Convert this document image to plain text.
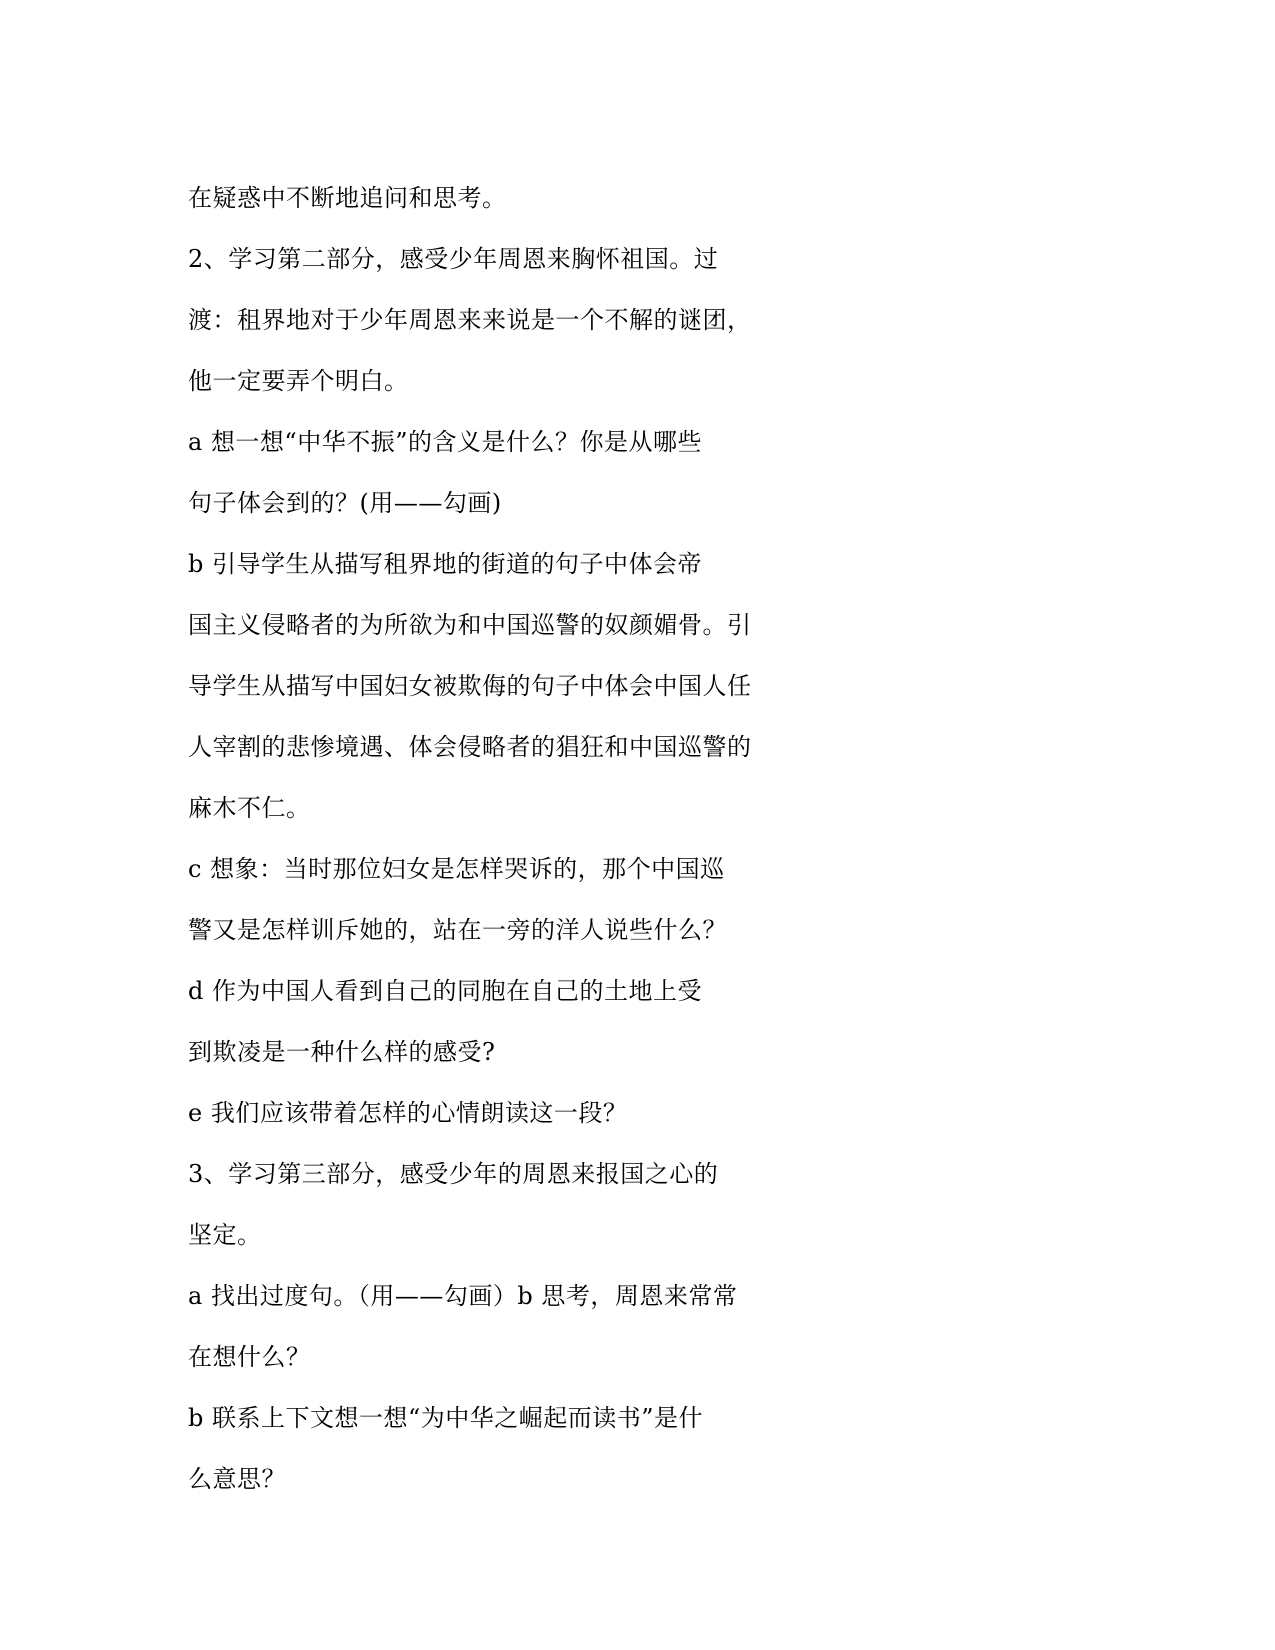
在疑惑中不断地追问和思考。
2、学习第二部分，感受少年周恩来胸怀祖国。过
渡：租界地对于少年周恩来来说是一个不解的谜团，
他一定要弄个明白。
a 想一想“中华不振”的含义是什么？你是从哪些
句子体会到的？(用——勾画)
b 引导学生从描写租界地的街道的句子中体会帝
国主义侵略者的为所欲为和中国巡警的奴颜媚骨。引
导学生从描写中国妇女被欺侮的句子中体会中国人任
人宰割的悲惨境遇、体会侵略者的猖狂和中国巡警的
麻木不仁。
c 想象：当时那位妇女是怎样哭诉的，那个中国巡
警又是怎样训斥她的，站在一旁的洋人说些什么？
d 作为中国人看到自己的同胞在自己的土地上受
到欺凌是一种什么样的感受?
e 我们应该带着怎样的心情朗读这一段？
3、学习第三部分，感受少年的周恩来报国之心的
坚定。
a 找出过度句。（用——勾画）b 思考，周恩来常常
在想什么？
b 联系上下文想一想“为中华之崛起而读书”是什
么意思？
